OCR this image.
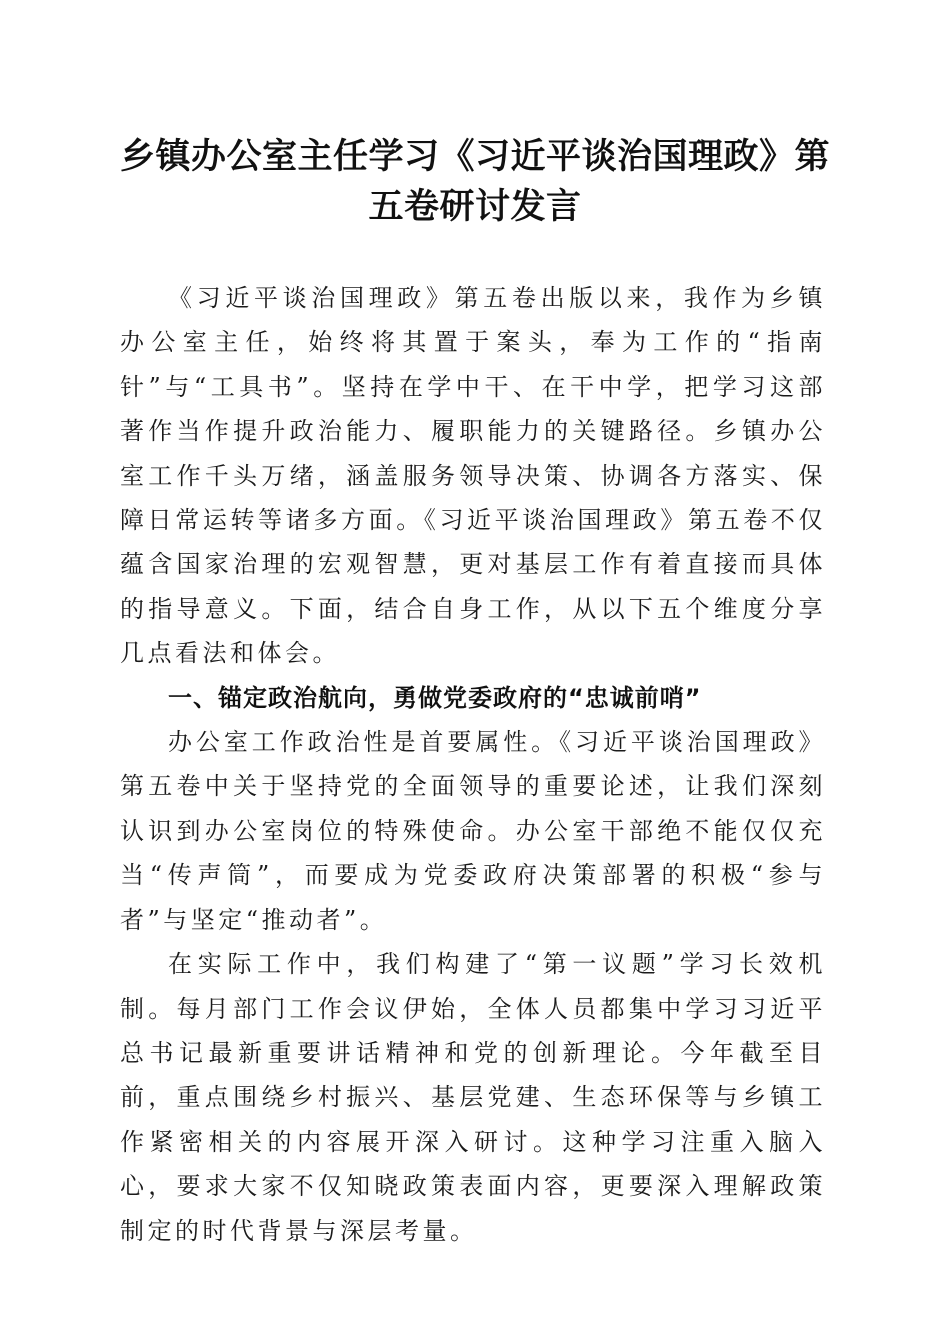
乡镇办公室主任学习《习近平谈治国理政》第
五卷研讨发言

《习近平谈治国理政》第五卷出版以来，我作为乡镇办公室主任，始终将其置于案头，奉为工作的“指南针”与“工具书”。坚持在学中干、在干中学，把学习这部著作当作提升政治能力、履职能力的关键路径。乡镇办公室工作千头万绪，涵盖服务领导决策、协调各方落实、保障日常运转等诸多方面。《习近平谈治国理政》第五卷不仅蕴含国家治理的宏观智慧，更对基层工作有着直接而具体的指导意义。下面，结合自身工作，从以下五个维度分享几点看法和体会。

一、锚定政治航向，勇做党委政府的“忠诚前哨”

办公室工作政治性是首要属性。《习近平谈治国理政》第五卷中关于坚持党的全面领导的重要论述，让我们深刻认识到办公室岗位的特殊使命。办公室干部绝不能仅仅充当“传声筒”，而要成为党委政府决策部署的积极“参与者”与坚定“推动者”。

在实际工作中，我们构建了“第一议题”学习长效机制。每月部门工作会议伊始，全体人员都集中学习习近平总书记最新重要讲话精神和党的创新理论。今年截至目前，重点围绕乡村振兴、基层党建、生态环保等与乡镇工作紧密相关的内容展开深入研讨。这种学习注重入脑入心，要求大家不仅知晓政策表面内容，更要深入理解政策制定的时代背景与深层考量。
